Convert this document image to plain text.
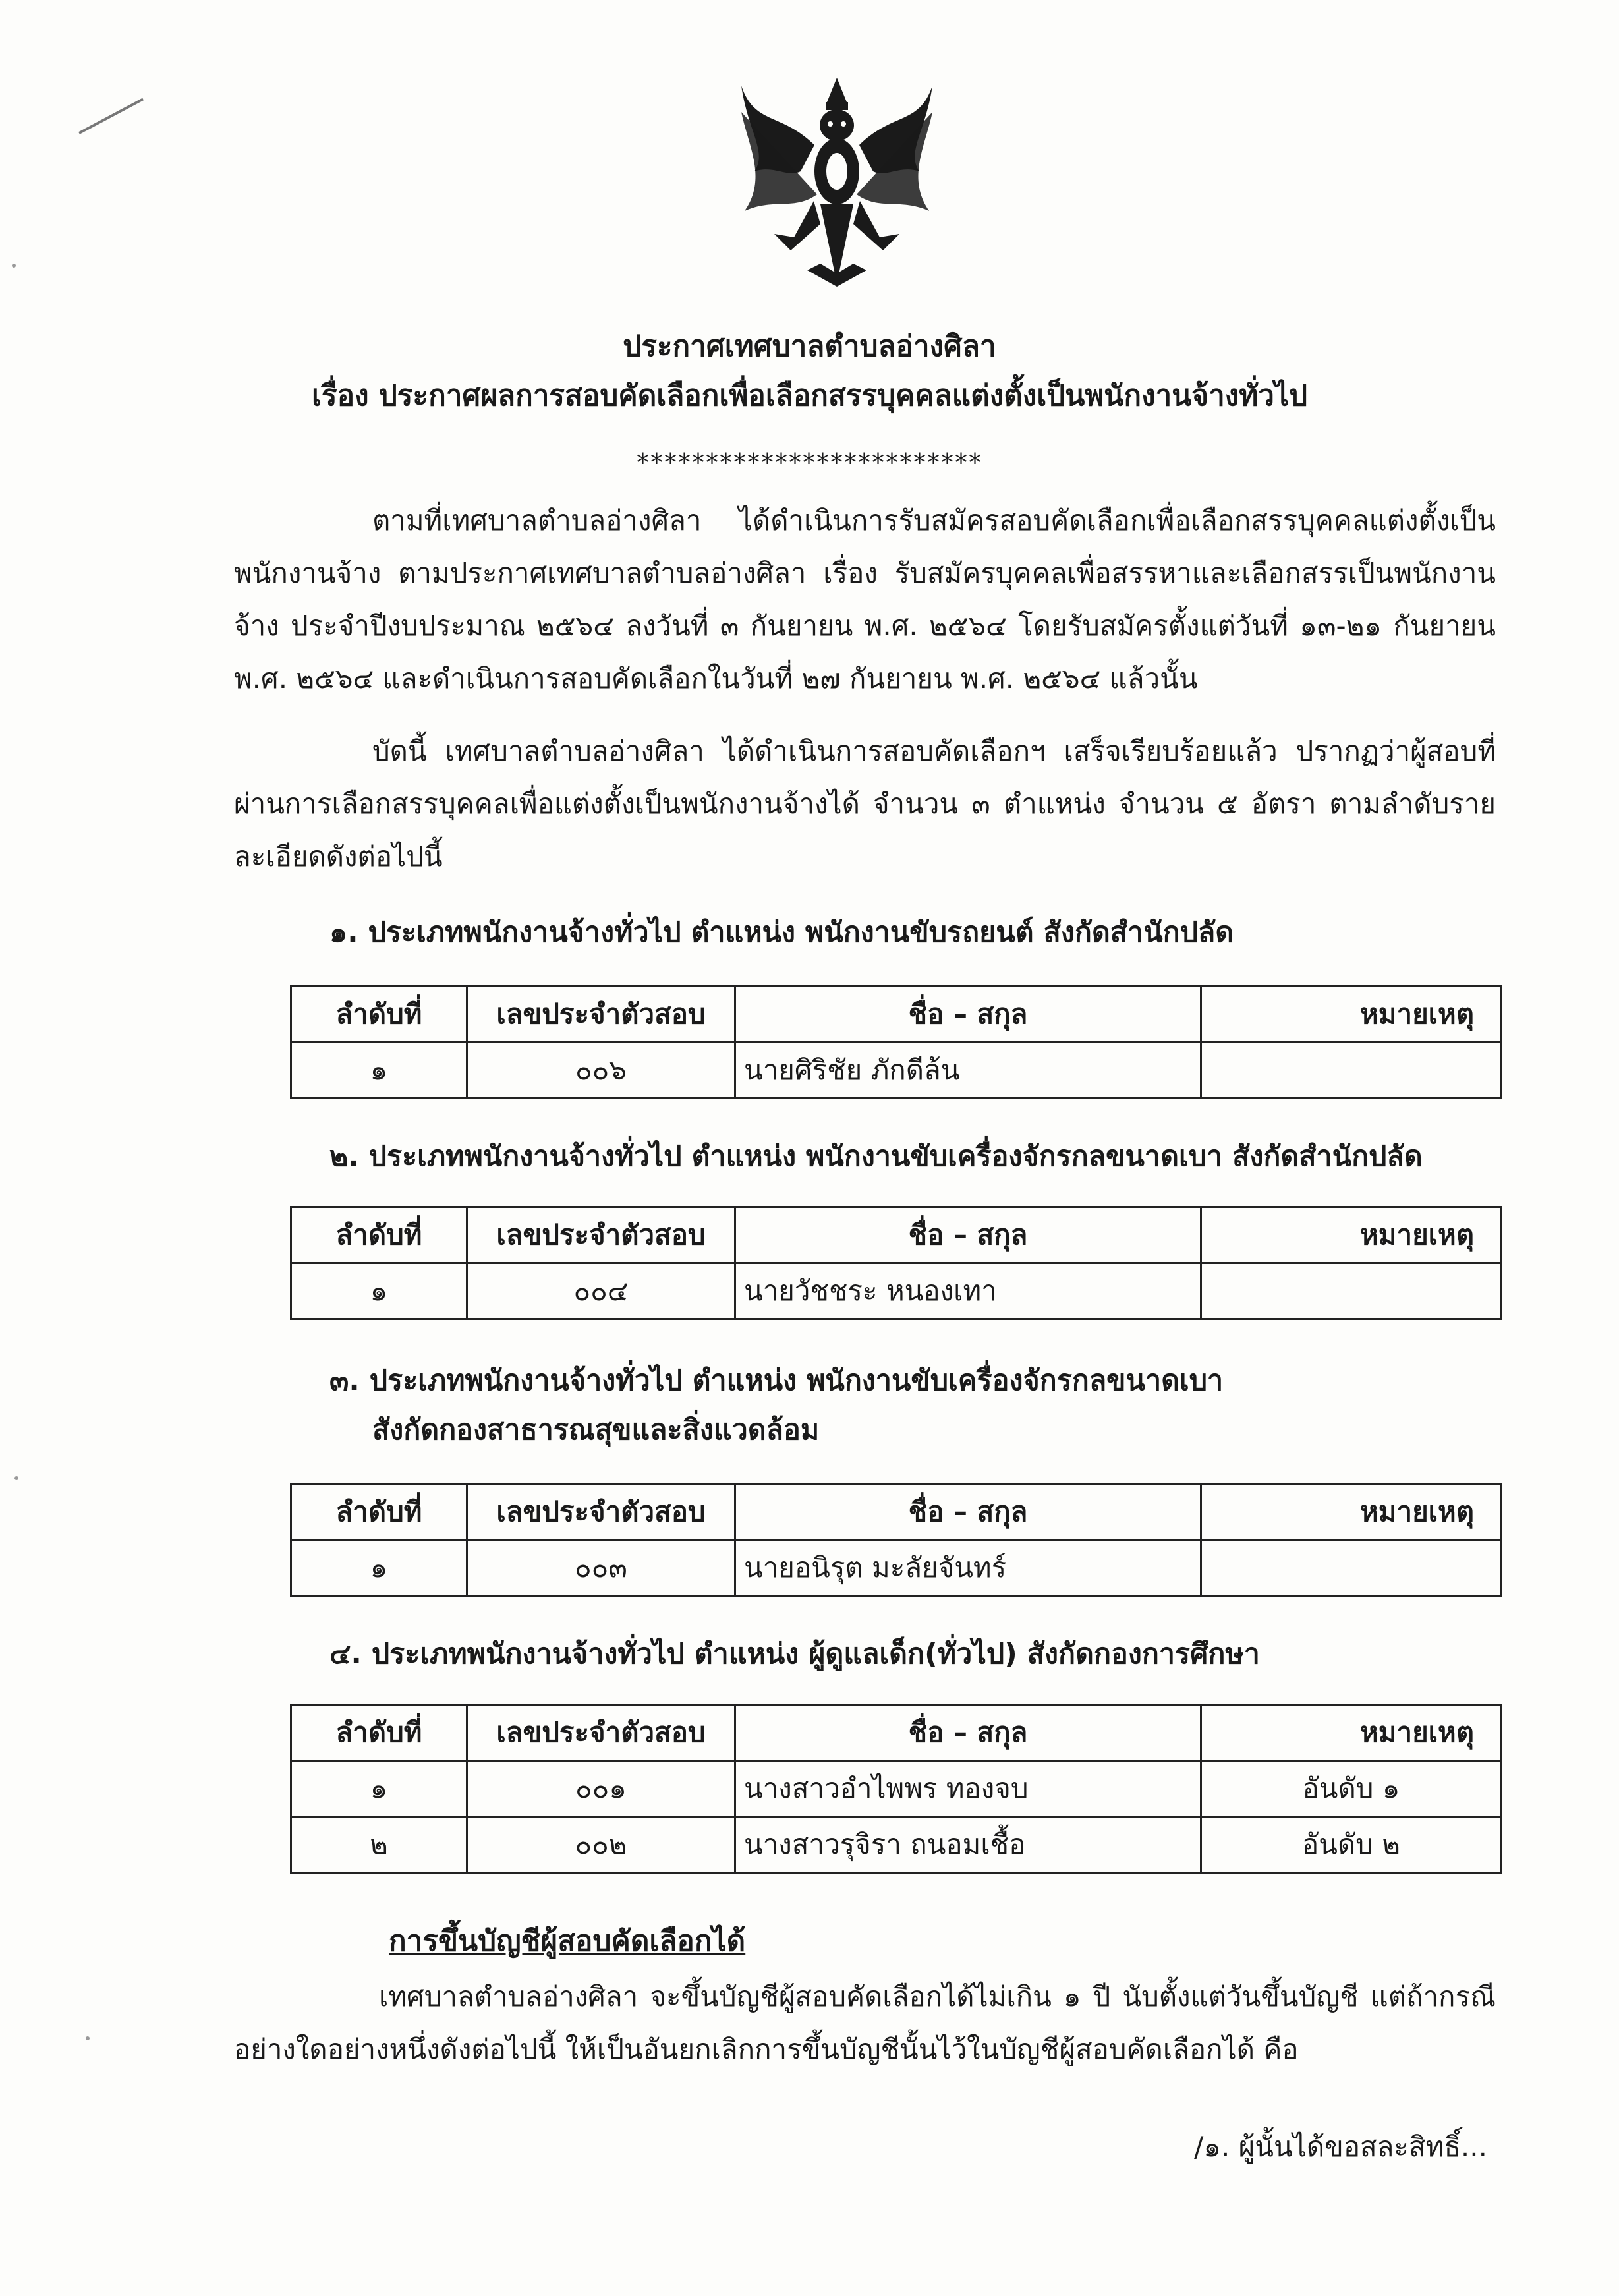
ประกาศเทศบาลตำบลอ่างศิลา
เรื่อง ประกาศผลการสอบคัดเลือกเพื่อเลือกสรรบุคคลแต่งตั้งเป็นพนักงานจ้างทั่วไป
*************************
ตามที่เทศบาลตำบลอ่างศิลา ได้ดำเนินการรับสมัครสอบคัดเลือกเพื่อเลือกสรรบุคคลแต่งตั้งเป็นพนักงานจ้าง ตามประกาศเทศบาลตำบลอ่างศิลา เรื่อง รับสมัครบุคคลเพื่อสรรหาและเลือกสรรเป็นพนักงานจ้าง ประจำปีงบประมาณ ๒๕๖๔ ลงวันที่ ๓ กันยายน พ.ศ. ๒๕๖๔ โดยรับสมัครตั้งแต่วันที่ ๑๓-๒๑ กันยายน พ.ศ. ๒๕๖๔ และดำเนินการสอบคัดเลือกในวันที่ ๒๗ กันยายน พ.ศ. ๒๕๖๔ แล้วนั้น
บัดนี้ เทศบาลตำบลอ่างศิลา ได้ดำเนินการสอบคัดเลือกฯ เสร็จเรียบร้อยแล้ว ปรากฏว่าผู้สอบที่ผ่านการเลือกสรรบุคคลเพื่อแต่งตั้งเป็นพนักงานจ้างได้ จำนวน ๓ ตำแหน่ง จำนวน ๕ อัตรา ตามลำดับรายละเอียดดังต่อไปนี้
๑. ประเภทพนักงานจ้างทั่วไป ตำแหน่ง พนักงานขับรถยนต์ สังกัดสำนักปลัด
ลำดับที่	เลขประจำตัวสอบ	ชื่อ – สกุล	หมายเหตุ
๑	๐๐๖	นายศิริชัย ภักดีล้น	
๒. ประเภทพนักงานจ้างทั่วไป ตำแหน่ง พนักงานขับเครื่องจักรกลขนาดเบา สังกัดสำนักปลัด
ลำดับที่	เลขประจำตัวสอบ	ชื่อ – สกุล	หมายเหตุ
๑	๐๐๔	นายวัชชระ หนองเทา	
๓. ประเภทพนักงานจ้างทั่วไป ตำแหน่ง พนักงานขับเครื่องจักรกลขนาดเบา
สังกัดกองสาธารณสุขและสิ่งแวดล้อม
ลำดับที่	เลขประจำตัวสอบ	ชื่อ – สกุล	หมายเหตุ
๑	๐๐๓	นายอนิรุต มะลัยจันทร์	
๔. ประเภทพนักงานจ้างทั่วไป ตำแหน่ง ผู้ดูแลเด็ก(ทั่วไป) สังกัดกองการศึกษา
ลำดับที่	เลขประจำตัวสอบ	ชื่อ – สกุล	หมายเหตุ
๑	๐๐๑	นางสาวอำไพพร ทองจบ	อันดับ ๑
๒	๐๐๒	นางสาวรุจิรา ถนอมเชื้อ	อันดับ ๒
การขึ้นบัญชีผู้สอบคัดเลือกได้
เทศบาลตำบลอ่างศิลา จะขึ้นบัญชีผู้สอบคัดเลือกได้ไม่เกิน ๑ ปี นับตั้งแต่วันขึ้นบัญชี แต่ถ้ากรณีอย่างใดอย่างหนึ่งดังต่อไปนี้ ให้เป็นอันยกเลิกการขึ้นบัญชีนั้นไว้ในบัญชีผู้สอบคัดเลือกได้ คือ
/๑. ผู้นั้นได้ขอสละสิทธิ์...
